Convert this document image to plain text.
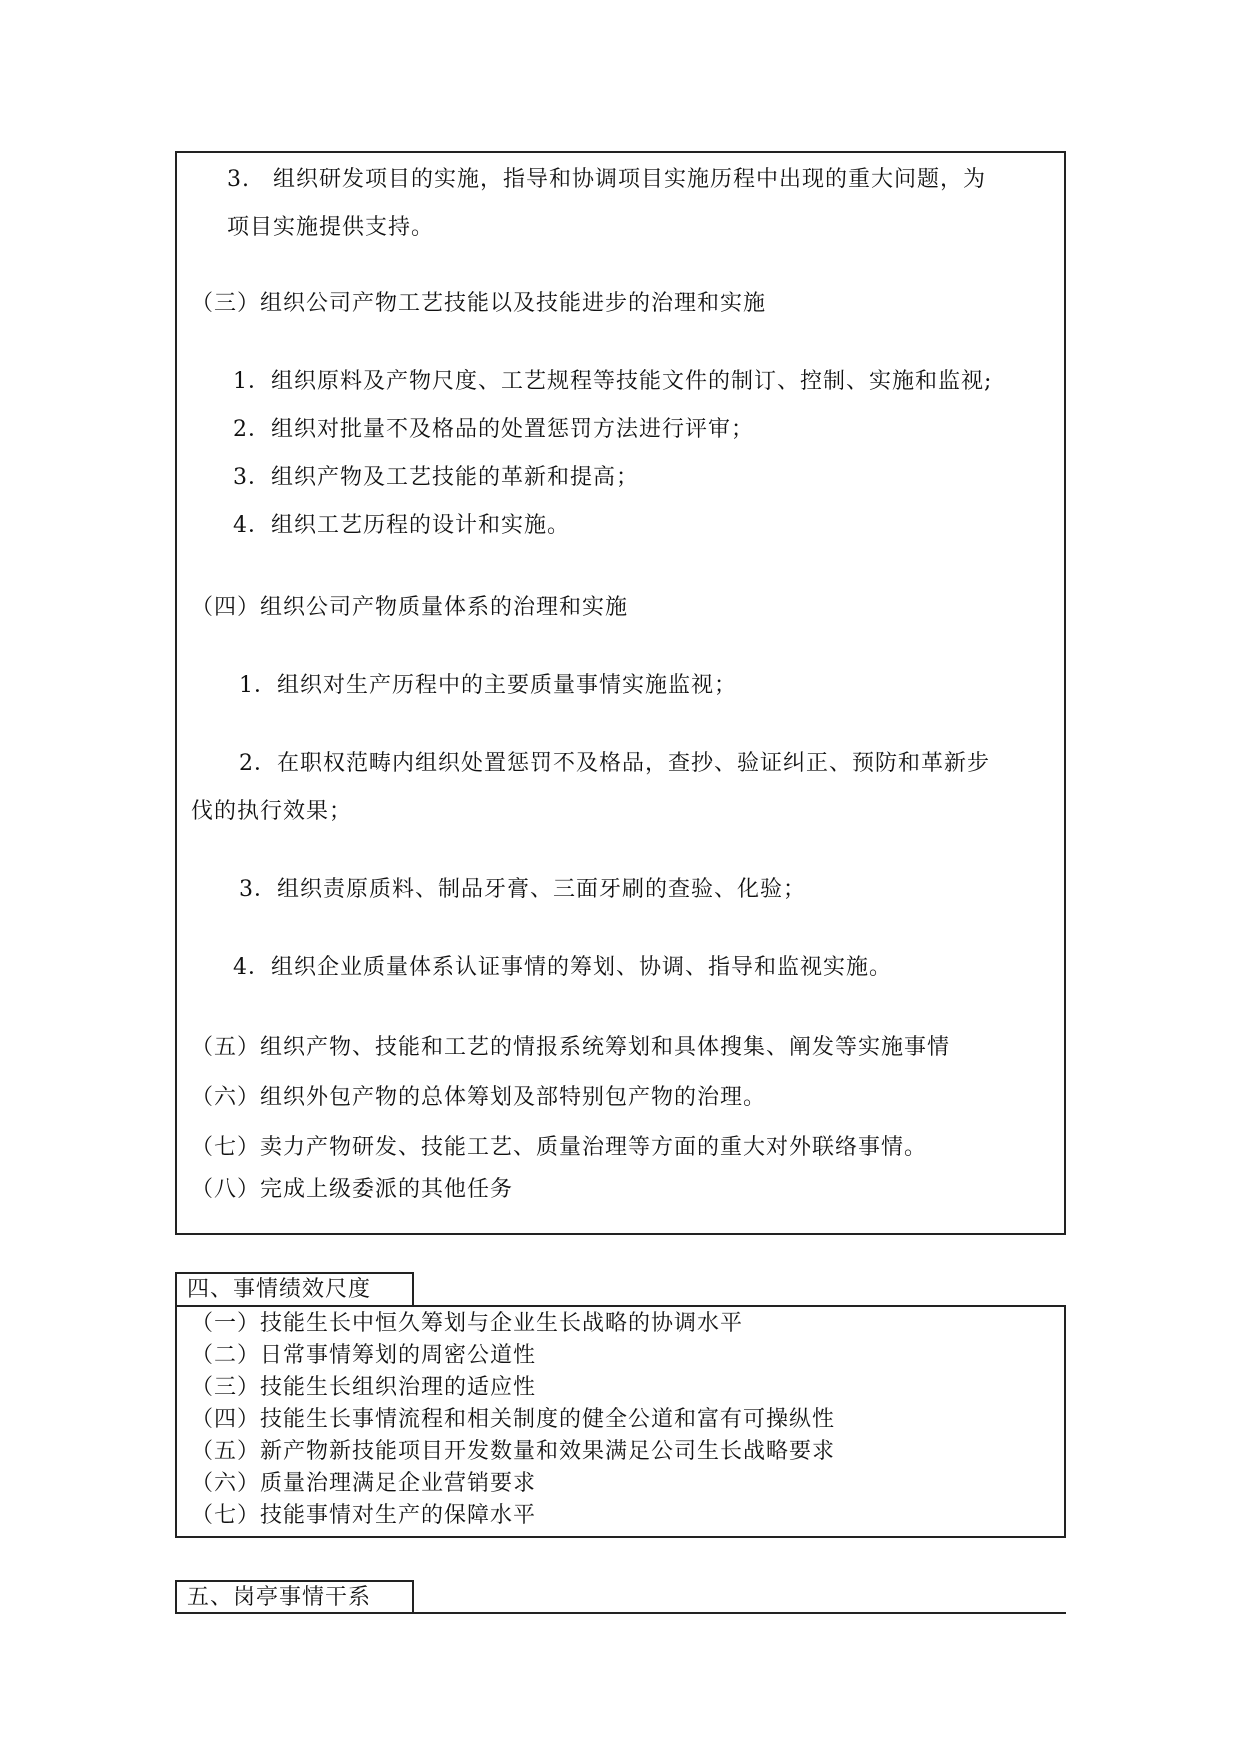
3.　组织研发项目的实施，指导和协调项目实施历程中出现的重大问题，为
项目实施提供支持。
（三）组织公司产物工艺技能以及技能进步的治理和实施
1．组织原料及产物尺度、工艺规程等技能文件的制订、控制、实施和监视;
2．组织对批量不及格品的处置惩罚方法进行评审；
3．组织产物及工艺技能的革新和提高；
4．组织工艺历程的设计和实施。
（四）组织公司产物质量体系的治理和实施
1．组织对生产历程中的主要质量事情实施监视；
2．在职权范畴内组织处置惩罚不及格品，查抄、验证纠正、预防和革新步
伐的执行效果；
3．组织责原质料、制品牙膏、三面牙刷的查验、化验；
4．组织企业质量体系认证事情的筹划、协调、指导和监视实施。
（五）组织产物、技能和工艺的情报系统筹划和具体搜集、阐发等实施事情
（六）组织外包产物的总体筹划及部特别包产物的治理。
（七）卖力产物研发、技能工艺、质量治理等方面的重大对外联络事情。
（八）完成上级委派的其他任务
四、事情绩效尺度
（一）技能生长中恒久筹划与企业生长战略的协调水平
（二）日常事情筹划的周密公道性
（三）技能生长组织治理的适应性
（四）技能生长事情流程和相关制度的健全公道和富有可操纵性
（五）新产物新技能项目开发数量和效果满足公司生长战略要求
（六）质量治理满足企业营销要求
（七）技能事情对生产的保障水平
五、岗亭事情干系
